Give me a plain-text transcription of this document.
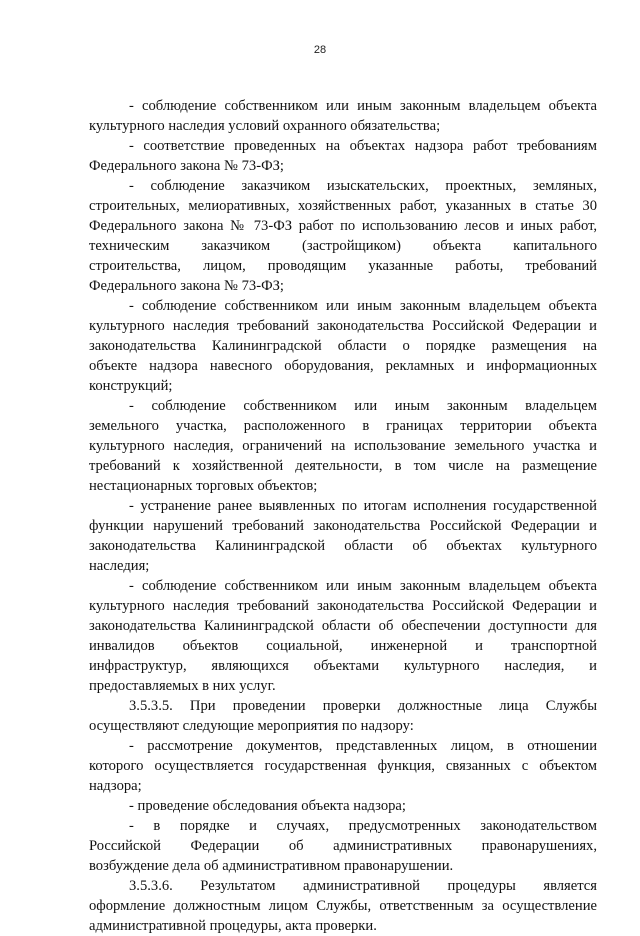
28
- соблюдение собственником или иным законным владельцем объекта
культурного наследия условий охранного обязательства;
- соответствие проведенных на объектах надзора работ требованиям
Федерального закона № 73-ФЗ;
- соблюдение заказчиком изыскательских, проектных, земляных,
строительных, мелиоративных, хозяйственных работ, указанных в статье 30
Федерального закона № 73-ФЗ работ по использованию лесов и иных работ,
техническим заказчиком (застройщиком) объекта капитального
строительства, лицом, проводящим указанные работы, требований
Федерального закона № 73-ФЗ;
- соблюдение собственником или иным законным владельцем объекта
культурного наследия требований законодательства Российской Федерации и
законодательства Калининградской области о порядке размещения на
объекте надзора навесного оборудования, рекламных и информационных
конструкций;
- соблюдение собственником или иным законным владельцем
земельного участка, расположенного в границах территории объекта
культурного наследия, ограничений на использование земельного участка и
требований к хозяйственной деятельности, в том числе на размещение
нестационарных торговых объектов;
- устранение ранее выявленных по итогам исполнения государственной
функции нарушений требований законодательства Российской Федерации и
законодательства Калининградской области об объектах культурного
наследия;
- соблюдение собственником или иным законным владельцем объекта
культурного наследия требований законодательства Российской Федерации и
законодательства Калининградской области об обеспечении доступности для
инвалидов объектов социальной, инженерной и транспортной
инфраструктур, являющихся объектами культурного наследия, и
предоставляемых в них услуг.
3.5.3.5. При проведении проверки должностные лица Службы
осуществляют следующие мероприятия по надзору:
- рассмотрение документов, представленных лицом, в отношении
которого осуществляется государственная функция, связанных с объектом
надзора;
- проведение обследования объекта надзора;
- в порядке и случаях, предусмотренных законодательством
Российской Федерации об административных правонарушениях,
возбуждение дела об административном правонарушении.
3.5.3.6. Результатом административной процедуры является
оформление должностным лицом Службы, ответственным за осуществление
административной процедуры, акта проверки.
